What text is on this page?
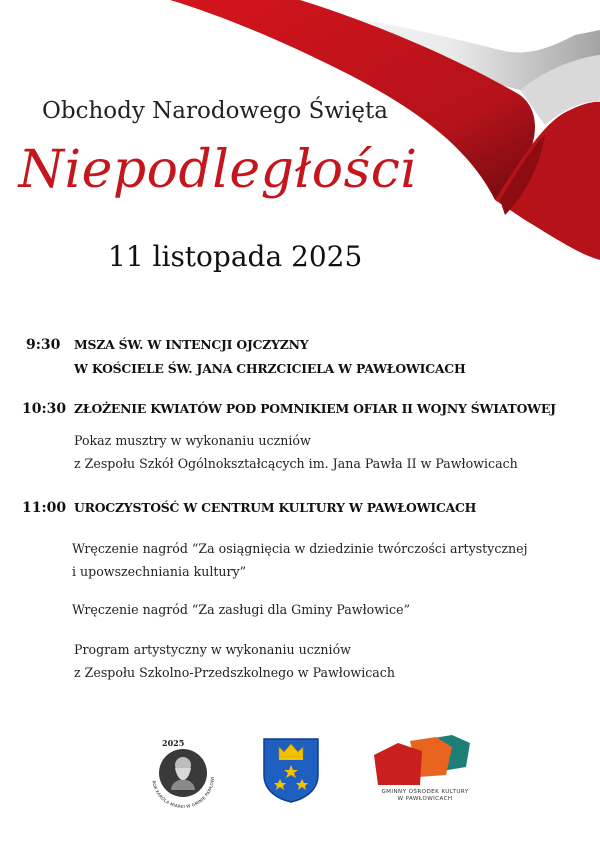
Obchody Narodowego Święta
Niepodległości
11 listopada 2025
9:30 MSZA ŚW. W INTENCJI OJCZYZNY
W KOŚCIELE ŚW. JANA CHRZCICIELA W PAWŁOWICACH
10:30 ZŁOŻENIE KWIATÓW POD POMNIKIEM OFIAR II WOJNY ŚWIATOWEJ
Pokaz musztry w wykonaniu uczniów
z Zespołu Szkół Ogólnokształcących im. Jana Pawła II w Pawłowicach
11:00 UROCZYSTOŚĆ W CENTRUM KULTURY W PAWŁOWICACH
Wręczenie nagród “Za osiągnięcia w dziedzinie twórczości artystycznej
i upowszechniania kultury”
Wręczenie nagród “Za zasługi dla Gminy Pawłowice”
Program artystyczny w wykonaniu uczniów
z Zespołu Szkolno-Przedszkolnego w Pawłowicach
2025
ROK KAROLA MIARKI W GMINIE PAWŁOWI
GMINNY OŚRODEK KULTURY
W PAWŁOWICACH
